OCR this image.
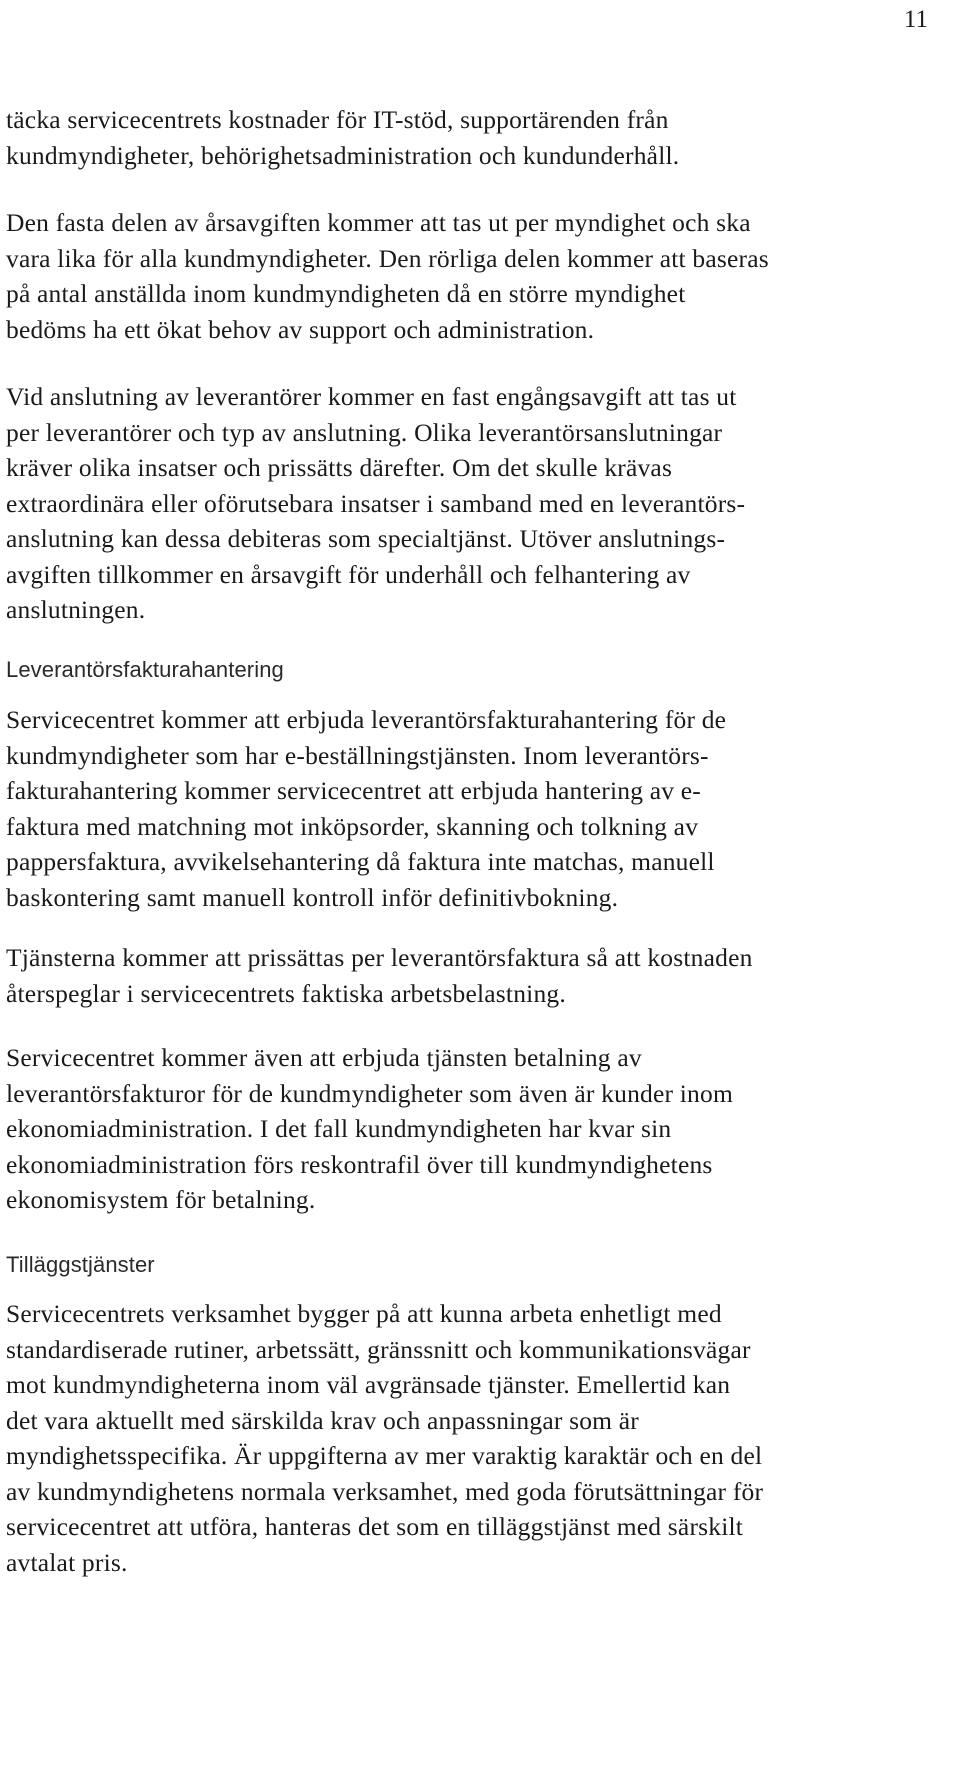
11

täcka servicecentrets kostnader för IT-stöd, supportärenden från
kundmyndigheter, behörighetsadministration och kundunderhåll.

Den fasta delen av årsavgiften kommer att tas ut per myndighet och ska
vara lika för alla kundmyndigheter. Den rörliga delen kommer att baseras
på antal anställda inom kundmyndigheten då en större myndighet
bedöms ha ett ökat behov av support och administration.

Vid anslutning av leverantörer kommer en fast engångsavgift att tas ut
per leverantörer och typ av anslutning. Olika leverantörsanslutningar
kräver olika insatser och prissätts därefter. Om det skulle krävas
extraordinära eller oförutsebara insatser i samband med en leverantörs-
anslutning kan dessa debiteras som specialtjänst. Utöver anslutnings-
avgiften tillkommer en årsavgift för underhåll och felhantering av
anslutningen.

Leverantörsfakturahantering

Servicecentret kommer att erbjuda leverantörsfakturahantering för de
kundmyndigheter som har e-beställningstjänsten. Inom leverantörs-
fakturahantering kommer servicecentret att erbjuda hantering av e-
faktura med matchning mot inköpsorder, skanning och tolkning av
pappersfaktura, avvikelsehantering då faktura inte matchas, manuell
baskontering samt manuell kontroll inför definitivbokning.

Tjänsterna kommer att prissättas per leverantörsfaktura så att kostnaden
återspeglar i servicecentrets faktiska arbetsbelastning.

Servicecentret kommer även att erbjuda tjänsten betalning av
leverantörsfakturor för de kundmyndigheter som även är kunder inom
ekonomiadministration. I det fall kundmyndigheten har kvar sin
ekonomiadministration förs reskontrafil över till kundmyndighetens
ekonomisystem för betalning.

Tilläggstjänster

Servicecentrets verksamhet bygger på att kunna arbeta enhetligt med
standardiserade rutiner, arbetssätt, gränssnitt och kommunikationsvägar
mot kundmyndigheterna inom väl avgränsade tjänster. Emellertid kan
det vara aktuellt med särskilda krav och anpassningar som är
myndighetsspecifika. Är uppgifterna av mer varaktig karaktär och en del
av kundmyndighetens normala verksamhet, med goda förutsättningar för
servicecentret att utföra, hanteras det som en tilläggstjänst med särskilt
avtalat pris.
